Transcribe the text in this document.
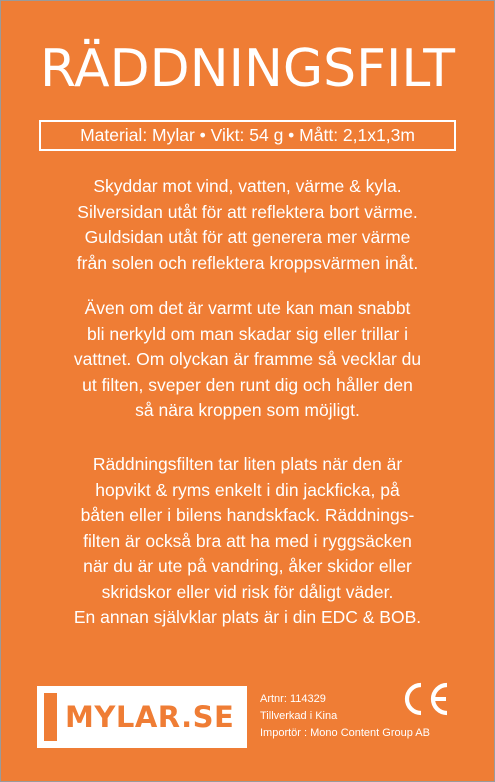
RÄDDNINGSFILT
Material: Mylar • Vikt: 54 g • Mått: 2,1x1,3m
Skyddar mot vind, vatten, värme & kyla.
Silversidan utåt för att reflektera bort värme.
Guldsidan utåt för att generera mer värme
från solen och reflektera kroppsvärmen inåt.
Även om det är varmt ute kan man snabbt
bli nerkyld om man skadar sig eller trillar i
vattnet. Om olyckan är framme så vecklar du
ut filten, sveper den runt dig och håller den
så nära kroppen som möjligt.
Räddningsfilten tar liten plats när den är
hopvikt & ryms enkelt i din jackficka, på
båten eller i bilens handskfack. Räddnings-
filten är också bra att ha med i ryggsäcken
när du är ute på vandring, åker skidor eller
skridskor eller vid risk för dåligt väder.
En annan självklar plats är i din EDC & BOB.
MYLAR.SE
Artnr: 114329
Tillverkad i Kina
Importör : Mono Content Group AB
